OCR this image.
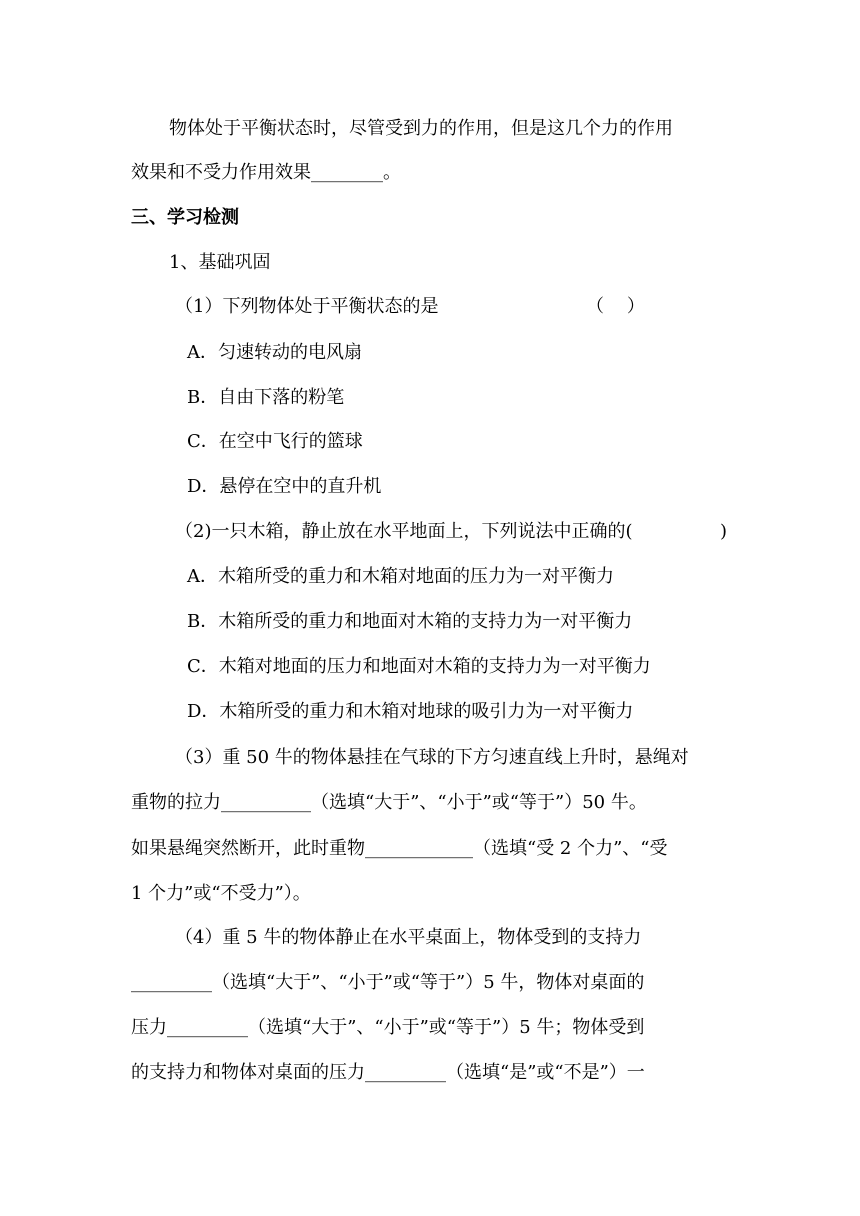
物体处于平衡状态时，尽管受到力的作用，但是这几个力的作用
效果和不受力作用效果________。
三、学习检测
1、基础巩固
（1）下列物体处于平衡状态的是	（    ）
A．匀速转动的电风扇
B．自由下落的粉笔
C．在空中飞行的篮球
D．悬停在空中的直升机
（2)一只木箱，静止放在水平地面上，下列说法中正确的(	)
A．木箱所受的重力和木箱对地面的压力为一对平衡力
B．木箱所受的重力和地面对木箱的支持力为一对平衡力
C．木箱对地面的压力和地面对木箱的支持力为一对平衡力
D．木箱所受的重力和木箱对地球的吸引力为一对平衡力
（3）重 50 牛的物体悬挂在气球的下方匀速直线上升时，悬绳对
重物的拉力__________（选填“大于”、“小于”或“等于”）50 牛。
如果悬绳突然断开，此时重物____________（选填“受 2 个力”、“受
1 个力”或“不受力”）。
（4）重 5 牛的物体静止在水平桌面上，物体受到的支持力
_________（选填“大于”、“小于”或“等于”）5 牛，物体对桌面的
压力_________（选填“大于”、“小于”或“等于”）5 牛；物体受到
的支持力和物体对桌面的压力_________（选填“是”或“不是”）一
